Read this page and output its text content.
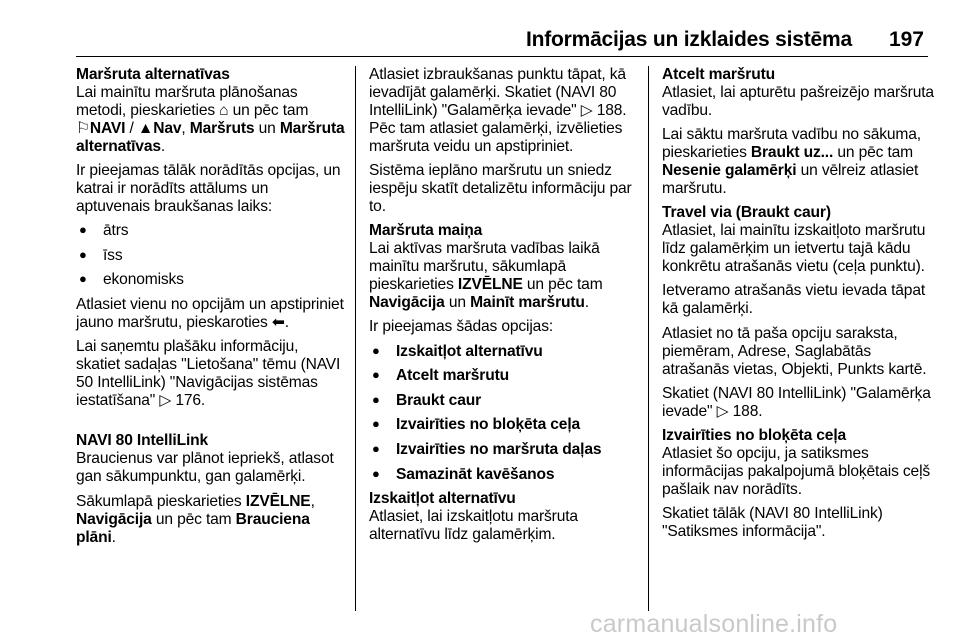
Informācijas un izklaides sistēma 197

Maršruta alternatīvas

Lai mainītu maršruta plānošanas metodi, pieskarieties ⌂ un pēc tam ⚐NAVI / ▲Nav, Maršruts un Maršruta alternatīvas.

Ir pieejamas tālāk norādītās opcijas, un katrai ir norādīts attālums un aptuvenais braukšanas laiks:

● ātrs
● īss
● ekonomisks

Atlasiet vienu no opcijām un apstipriniet jauno maršrutu, pieskaroties ⬅.

Lai saņemtu plašāku informāciju, skatiet sadaļas "Lietošana" tēmu (NAVI 50 IntelliLink) "Navigācijas sistēmas iestatīšana" ▷ 176.

NAVI 80 IntelliLink

Braucienus var plānot iepriekš, atlasot gan sākumpunktu, gan galamērķi.

Sākumlapā pieskarieties IZVĒLNE, Navigācija un pēc tam Brauciena plāni.

Atlasiet izbraukšanas punktu tāpat, kā ievadījāt galamērķi. Skatiet (NAVI 80 IntelliLink) "Galamērķa ievade" ▷ 188. Pēc tam atlasiet galamērķi, izvēlieties maršruta veidu un apstipriniet.

Sistēma ieplāno maršrutu un sniedz iespēju skatīt detalizētu informāciju par to.

Maršruta maiņa

Lai aktīvas maršruta vadības laikā mainītu maršrutu, sākumlapā pieskarieties IZVĒLNE un pēc tam Navigācija un Mainīt maršrutu.

Ir pieejamas šādas opcijas:

● Izskaitļot alternatīvu
● Atcelt maršrutu
● Braukt caur
● Izvairīties no bloķēta ceļa
● Izvairīties no maršruta daļas
● Samazināt kavēšanos

Izskaitļot alternatīvu

Atlasiet, lai izskaitļotu maršruta alternatīvu līdz galamērķim.

Atcelt maršrutu

Atlasiet, lai apturētu pašreizējo maršruta vadību.

Lai sāktu maršruta vadību no sākuma, pieskarieties Braukt uz... un pēc tam Nesenie galamērķi un vēlreiz atlasiet maršrutu.

Travel via (Braukt caur)

Atlasiet, lai mainītu izskaitļoto maršrutu līdz galamērķim un ietvertu tajā kādu konkrētu atrašanās vietu (ceļa punktu).

Ietveramo atrašanās vietu ievada tāpat kā galamērķi.

Atlasiet no tā paša opciju saraksta, piemēram, Adrese, Saglabātās atrašanās vietas, Objekti, Punkts kartē.

Skatiet (NAVI 80 IntelliLink) "Galamērķa ievade" ▷ 188.

Izvairīties no bloķēta ceļa

Atlasiet šo opciju, ja satiksmes informācijas pakalpojumā bloķētais ceļš pašlaik nav norādīts.

Skatiet tālāk (NAVI 80 IntelliLink) "Satiksmes informācija".

carmanualsonline.info
